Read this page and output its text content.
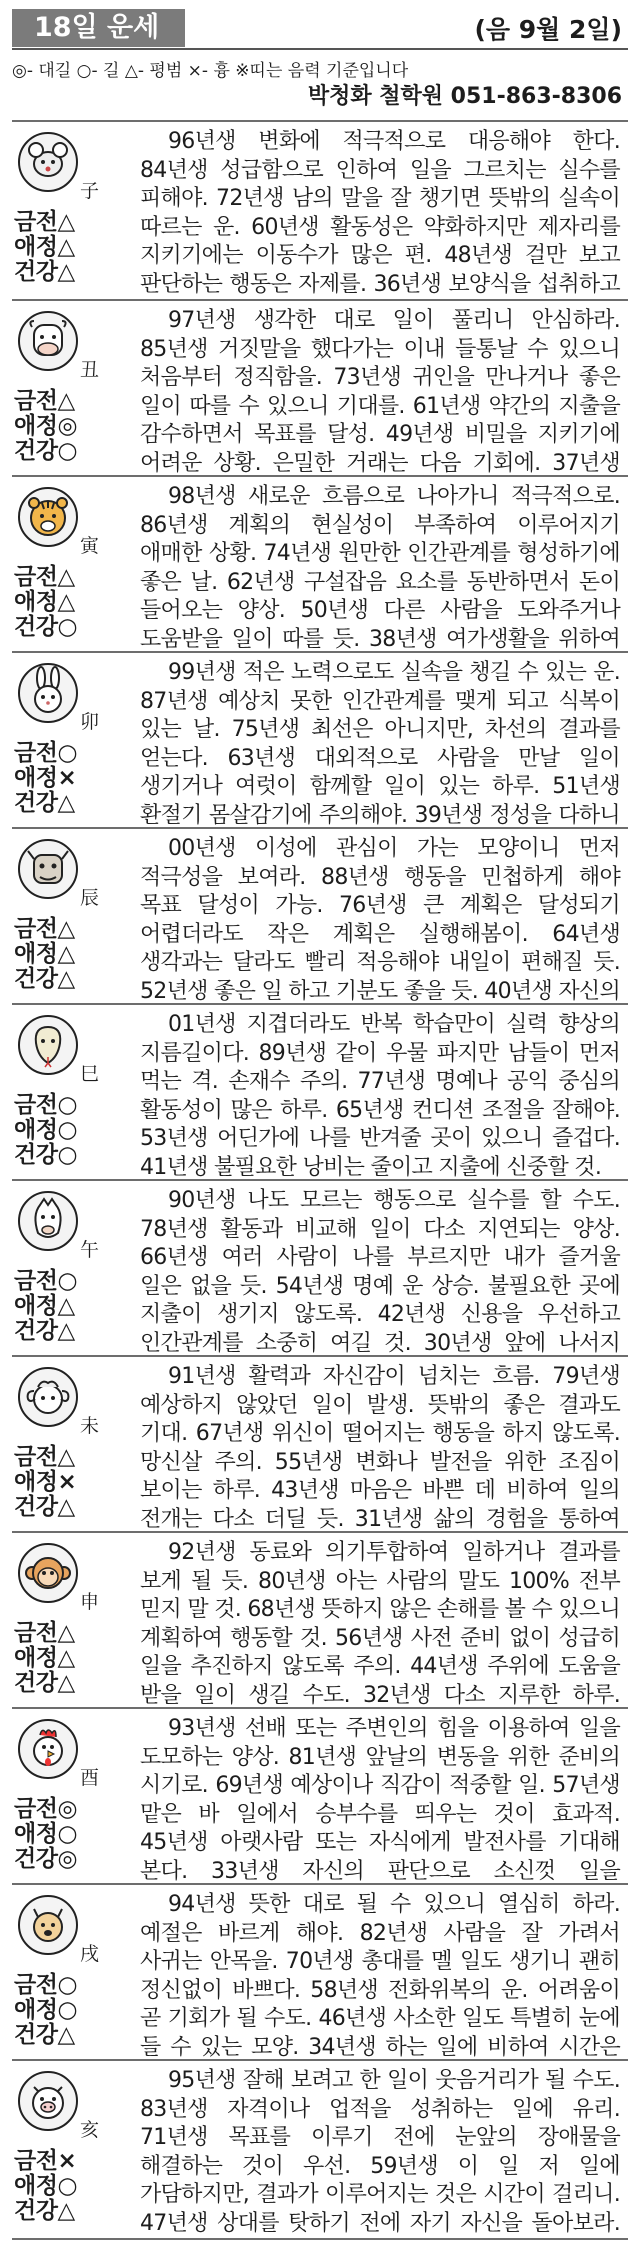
18일 운세	(음 9월 2일)
◎- 대길 ○- 길 △- 평범 ×- 흉 ※띠는 음력 기준입니다
박청화 철학원 051-863-8306
子
금전△
애정△
건강△
96년생 변화에 적극적으로 대응해야 한다. 84년생 성급함으로 인하여 일을 그르치는 실수를 피해야. 72년생 남의 말을 잘 챙기면 뜻밖의 실속이 따르는 운. 60년생 활동성은 약화하지만 제자리를 지키기에는 이동수가 많은 편. 48년생 걸만 보고 판단하는 행동은 자제를. 36년생 보양식을 섭취하고
丑
금전△
애정◎
건강○
97년생 생각한 대로 일이 풀리니 안심하라. 85년생 거짓말을 했다가는 이내 들통날 수 있으니 처음부터 정직함을. 73년생 귀인을 만나거나 좋은 일이 따를 수 있으니 기대를. 61년생 약간의 지출을 감수하면서 목표를 달성. 49년생 비밀을 지키기에 어려운 상황. 은밀한 거래는 다음 기회에. 37년생
寅
금전△
애정△
건강○
98년생 새로운 흐름으로 나아가니 적극적으로. 86년생 계획의 현실성이 부족하여 이루어지기 애매한 상황. 74년생 원만한 인간관계를 형성하기에 좋은 날. 62년생 구설잡음 요소를 동반하면서 돈이 들어오는 양상. 50년생 다른 사람을 도와주거나 도움받을 일이 따를 듯. 38년생 여가생활을 위하여
卯
금전○
애정×
건강△
99년생 적은 노력으로도 실속을 챙길 수 있는 운. 87년생 예상치 못한 인간관계를 맺게 되고 식복이 있는 날. 75년생 최선은 아니지만, 차선의 결과를 얻는다. 63년생 대외적으로 사람을 만날 일이 생기거나 여럿이 함께할 일이 있는 하루. 51년생 환절기 몸살감기에 주의해야. 39년생 정성을 다하니
辰
금전△
애정△
건강△
00년생 이성에 관심이 가는 모양이니 먼저 적극성을 보여라. 88년생 행동을 민첩하게 해야 목표 달성이 가능. 76년생 큰 계획은 달성되기 어렵더라도 작은 계획은 실행해봄이. 64년생 생각과는 달라도 빨리 적응해야 내일이 편해질 듯. 52년생 좋은 일 하고 기분도 좋을 듯. 40년생 자신의
巳
금전○
애정○
건강○
01년생 지겹더라도 반복 학습만이 실력 향상의 지름길이다. 89년생 같이 우물 파지만 남들이 먼저 먹는 격. 손재수 주의. 77년생 명예나 공익 중심의 활동성이 많은 하루. 65년생 컨디션 조절을 잘해야. 53년생 어딘가에 나를 반겨줄 곳이 있으니 즐겁다. 41년생 불필요한 낭비는 줄이고 지출에 신중할 것.
午
금전○
애정△
건강△
90년생 나도 모르는 행동으로 실수를 할 수도. 78년생 활동과 비교해 일이 다소 지연되는 양상. 66년생 여러 사람이 나를 부르지만 내가 즐거울 일은 없을 듯. 54년생 명예 운 상승. 불필요한 곳에 지출이 생기지 않도록. 42년생 신용을 우선하고 인간관계를 소중히 여길 것. 30년생 앞에 나서지
未
금전△
애정×
건강△
91년생 활력과 자신감이 넘치는 흐름. 79년생 예상하지 않았던 일이 발생. 뜻밖의 좋은 결과도 기대. 67년생 위신이 떨어지는 행동을 하지 않도록. 망신살 주의. 55년생 변화나 발전을 위한 조짐이 보이는 하루. 43년생 마음은 바쁜 데 비하여 일의 전개는 다소 더딜 듯. 31년생 삶의 경험을 통하여
申
금전△
애정△
건강△
92년생 동료와 의기투합하여 일하거나 결과를 보게 될 듯. 80년생 아는 사람의 말도 100% 전부 믿지 말 것. 68년생 뜻하지 않은 손해를 볼 수 있으니 계획하여 행동할 것. 56년생 사전 준비 없이 성급히 일을 추진하지 않도록 주의. 44년생 주위에 도움을 받을 일이 생길 수도. 32년생 다소 지루한 하루.
酉
금전◎
애정○
건강◎
93년생 선배 또는 주변인의 힘을 이용하여 일을 도모하는 양상. 81년생 앞날의 변동을 위한 준비의 시기로. 69년생 예상이나 직감이 적중할 일. 57년생 맡은 바 일에서 승부수를 띄우는 것이 효과적. 45년생 아랫사람 또는 자식에게 발전사를 기대해 본다. 33년생 자신의 판단으로 소신껏 일을
戌
금전○
애정○
건강△
94년생 뜻한 대로 될 수 있으니 열심히 하라. 예절은 바르게 해야. 82년생 사람을 잘 가려서 사귀는 안목을. 70년생 총대를 멜 일도 생기니 괜히 정신없이 바쁘다. 58년생 전화위복의 운. 어려움이 곧 기회가 될 수도. 46년생 사소한 일도 특별히 눈에 들 수 있는 모양. 34년생 하는 일에 비하여 시간은
亥
금전×
애정○
건강△
95년생 잘해 보려고 한 일이 웃음거리가 될 수도. 83년생 자격이나 업적을 성취하는 일에 유리. 71년생 목표를 이루기 전에 눈앞의 장애물을 해결하는 것이 우선. 59년생 이 일 저 일에 가담하지만, 결과가 이루어지는 것은 시간이 걸리니. 47년생 상대를 탓하기 전에 자기 자신을 돌아보라.
